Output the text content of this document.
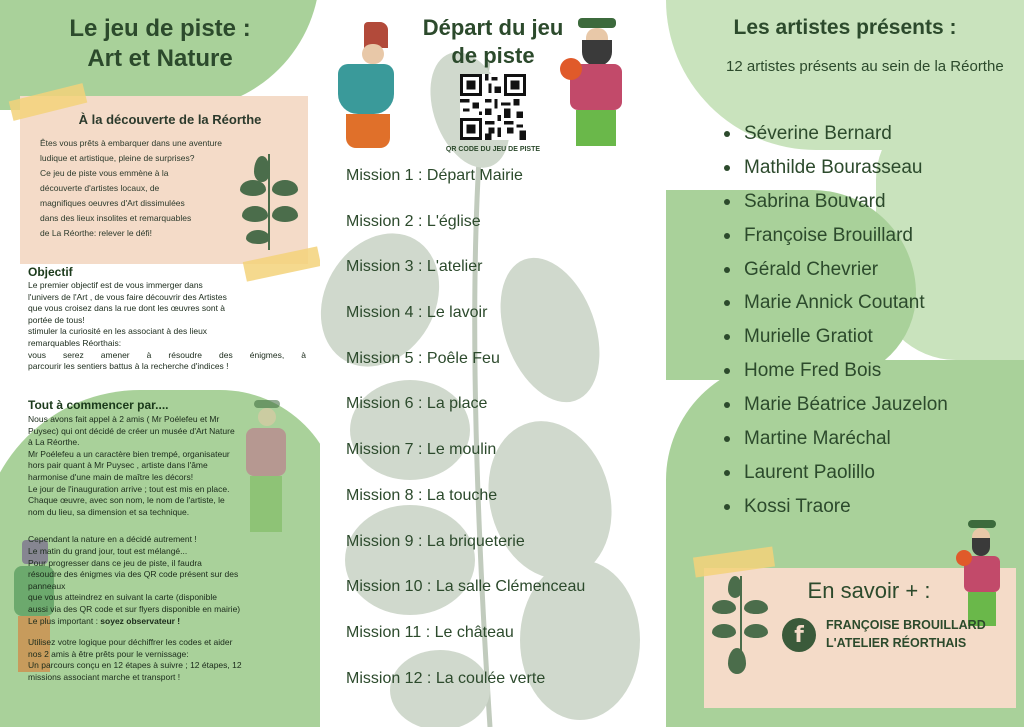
Le jeu de piste :
Art et Nature
À la découverte de la Réorthe
Êtes vous prêts à embarquer dans une aventure
ludique et artistique, pleine de surprises?
Ce jeu de piste vous emmène à la
découverte d'artistes locaux, de
magnifiques oeuvres d'Art dissimulées
dans des lieux insolites et remarquables
de La Réorthe: relever le défi!
Objectif
Le premier objectif est de vous immerger dans
l'univers de l'Art , de vous faire découvrir des Artistes
que vous croisez dans la rue dont les œuvres sont à
portée de tous!
stimuler la curiosité en les associant à des lieux
remarquables Réorthais:
vous serez amener à résoudre des énigmes, à
parcourir les sentiers battus à la recherche d'indices !
Tout à commencer par....

Nous avons fait appel à 2 amis ( Mr Poélefeu et Mr
Puysec) qui ont décidé de créer un musée d'Art Nature
à La Réorthe.
Mr Poélefeu a un caractère bien trempé, organisateur
hors pair quant à Mr Puysec , artiste dans l'âme
harmonise d'une main de maître les décors!
Le jour de l'inauguration arrive ; tout est mis en place.
Chaque œuvre, avec son nom, le nom de l'artiste, le
nom du lieu, sa dimension et sa technique.

Cependant la nature en a décidé autrement !
Le matin du grand jour, tout est mélangé...
Pour progresser dans ce jeu de piste, il faudra
résoudre des énigmes via des QR code présent sur des
panneaux
que vous atteindrez en suivant la carte (disponible
aussi via des QR code et sur flyers disponible en mairie)
Le plus important : soyez observateur !

Utilisez votre logique pour déchiffrer les codes et aider
nos 2 amis à être prêts pour le vernissage:
Un parcours conçu en 12 étapes à suivre ; 12 étapes, 12
missions associant marche et transport !

Départ du jeu
de piste
QR CODE DU JEU DE PISTE
Mission 1 : Départ Mairie
Mission 2 : L'église
Mission 3 : L'atelier
Mission 4 : Le lavoir
Mission 5 : Poêle Feu
Mission 6 : La place
Mission 7 : Le moulin
Mission 8 : La touche
Mission 9 : La briqueterie
Mission 10 : La salle Clémenceau
Mission 11 : Le château
Mission 12 : La coulée verte
Les artistes présents :
12 artistes présents au sein de la Réorthe
Séverine Bernard
Mathilde Bourasseau
Sabrina Bouvard
Françoise Brouillard
Gérald Chevrier
Marie Annick Coutant
Murielle Gratiot
Home Fred Bois
Marie Béatrice Jauzelon
Martine Maréchal
Laurent Paolillo
Kossi Traore
En savoir + :
f	FRANÇOISE BROUILLARD
L'ATELIER RÉORTHAIS
